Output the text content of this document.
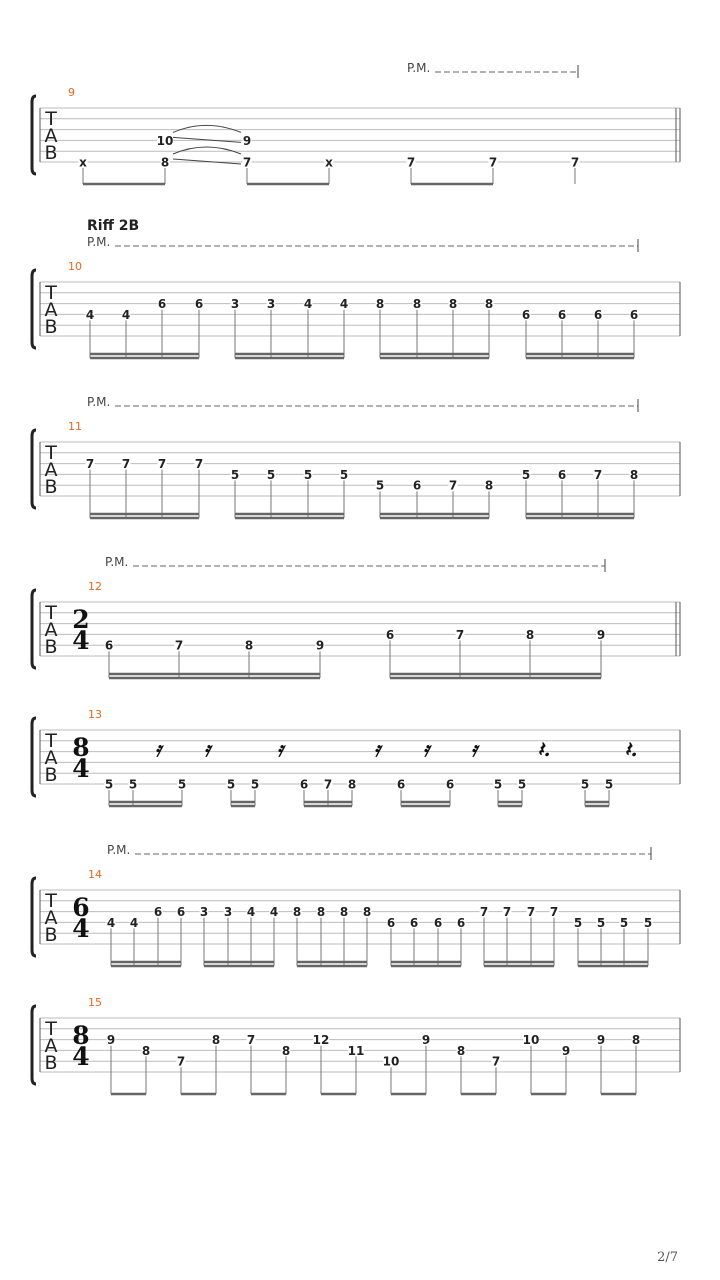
T
A
B
9
P.M.
x
10
8
9
7	x	7	7	7
T
A
B
10
Riff 2B
P.M.
4 4
6 6 3 3 4 4 8 8 8 8
6 6 6 6
T
A
B
11
P.M.
7 7 7 7
5 5 5 5
5 6 7 8
5 6 7 8
T
A
B
12
2
4
P.M.
6	7	8	9
6	7	8	9
T
A
B
13
8
4
𝄿 𝄿	𝄿	𝄿 𝄿 𝄿	𝄽.	𝄽.
5 5	5	5 5	6 7 8	6	6	5 5	5 5
T
A
B
14
6
4
P.M.
4 4
6 6 3 3 4 4 8 8 8 8
6 6 6 6
7 7 7 7
5 5 5 5
T
A
B
15
8
4
9
8
7
8 7
8
12
11
10
9
8
7
10
9
9 8
2/7
